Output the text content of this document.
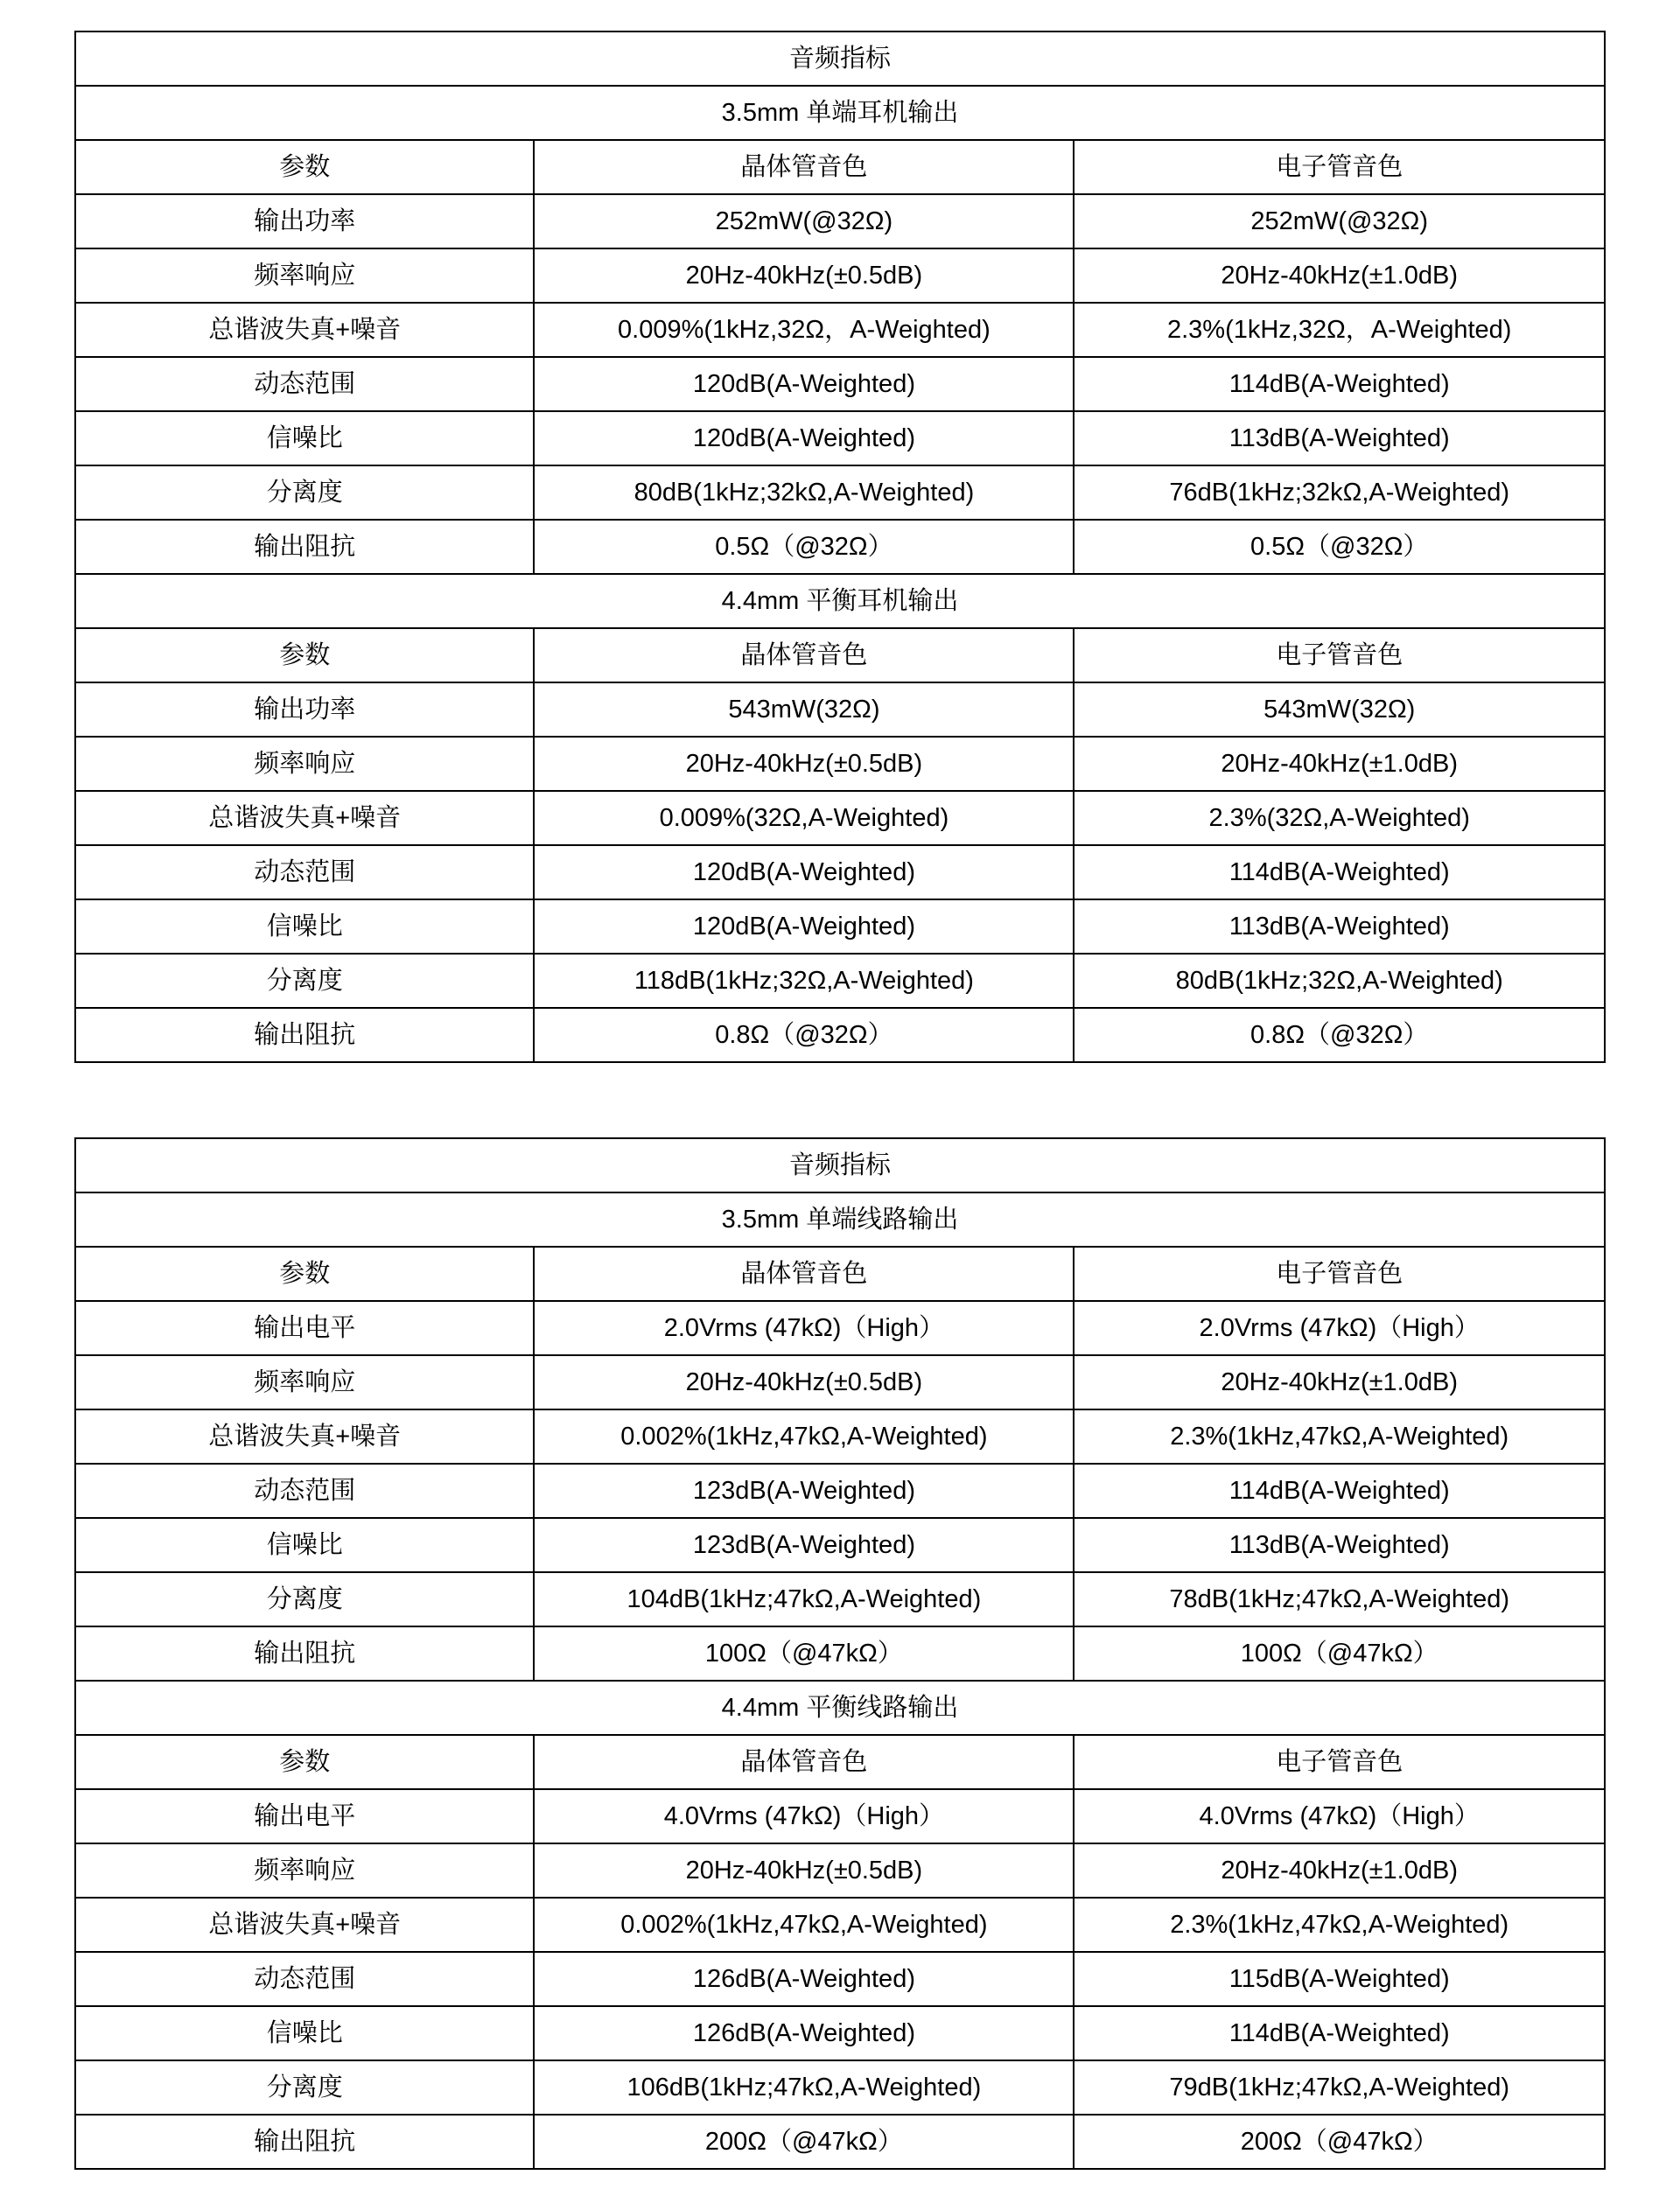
音频指标		
3.5mm 单端耳机输出		
参数	晶体管音色	电子管音色
输出功率	252mW(@32Ω)	252mW(@32Ω)
频率响应	20Hz-40kHz(±0.5dB)	20Hz-40kHz(±1.0dB)
总谐波失真+噪音	0.009%(1kHz,32Ω，A-Weighted)	2.3%(1kHz,32Ω，A-Weighted)
动态范围	120dB(A-Weighted)	114dB(A-Weighted)
信噪比	120dB(A-Weighted)	113dB(A-Weighted)
分离度	80dB(1kHz;32kΩ,A-Weighted)	76dB(1kHz;32kΩ,A-Weighted)
输出阻抗	0.5Ω（@32Ω）	0.5Ω（@32Ω）
4.4mm 平衡耳机输出		
参数	晶体管音色	电子管音色
输出功率	543mW(32Ω)	543mW(32Ω)
频率响应	20Hz-40kHz(±0.5dB)	20Hz-40kHz(±1.0dB)
总谐波失真+噪音	0.009%(32Ω,A-Weighted)	2.3%(32Ω,A-Weighted)
动态范围	120dB(A-Weighted)	114dB(A-Weighted)
信噪比	120dB(A-Weighted)	113dB(A-Weighted)
分离度	118dB(1kHz;32Ω,A-Weighted)	80dB(1kHz;32Ω,A-Weighted)
输出阻抗	0.8Ω（@32Ω）	0.8Ω（@32Ω）
音频指标		
3.5mm 单端线路输出		
参数	晶体管音色	电子管音色
输出电平	2.0Vrms (47kΩ)（High）	2.0Vrms (47kΩ)（High）
频率响应	20Hz-40kHz(±0.5dB)	20Hz-40kHz(±1.0dB)
总谐波失真+噪音	0.002%(1kHz,47kΩ,A-Weighted)	2.3%(1kHz,47kΩ,A-Weighted)
动态范围	123dB(A-Weighted)	114dB(A-Weighted)
信噪比	123dB(A-Weighted)	113dB(A-Weighted)
分离度	104dB(1kHz;47kΩ,A-Weighted)	78dB(1kHz;47kΩ,A-Weighted)
输出阻抗	100Ω（@47kΩ）	100Ω（@47kΩ）
4.4mm 平衡线路输出		
参数	晶体管音色	电子管音色
输出电平	4.0Vrms (47kΩ)（High）	4.0Vrms (47kΩ)（High）
频率响应	20Hz-40kHz(±0.5dB)	20Hz-40kHz(±1.0dB)
总谐波失真+噪音	0.002%(1kHz,47kΩ,A-Weighted)	2.3%(1kHz,47kΩ,A-Weighted)
动态范围	126dB(A-Weighted)	115dB(A-Weighted)
信噪比	126dB(A-Weighted)	114dB(A-Weighted)
分离度	106dB(1kHz;47kΩ,A-Weighted)	79dB(1kHz;47kΩ,A-Weighted)
输出阻抗	200Ω（@47kΩ）	200Ω（@47kΩ）
